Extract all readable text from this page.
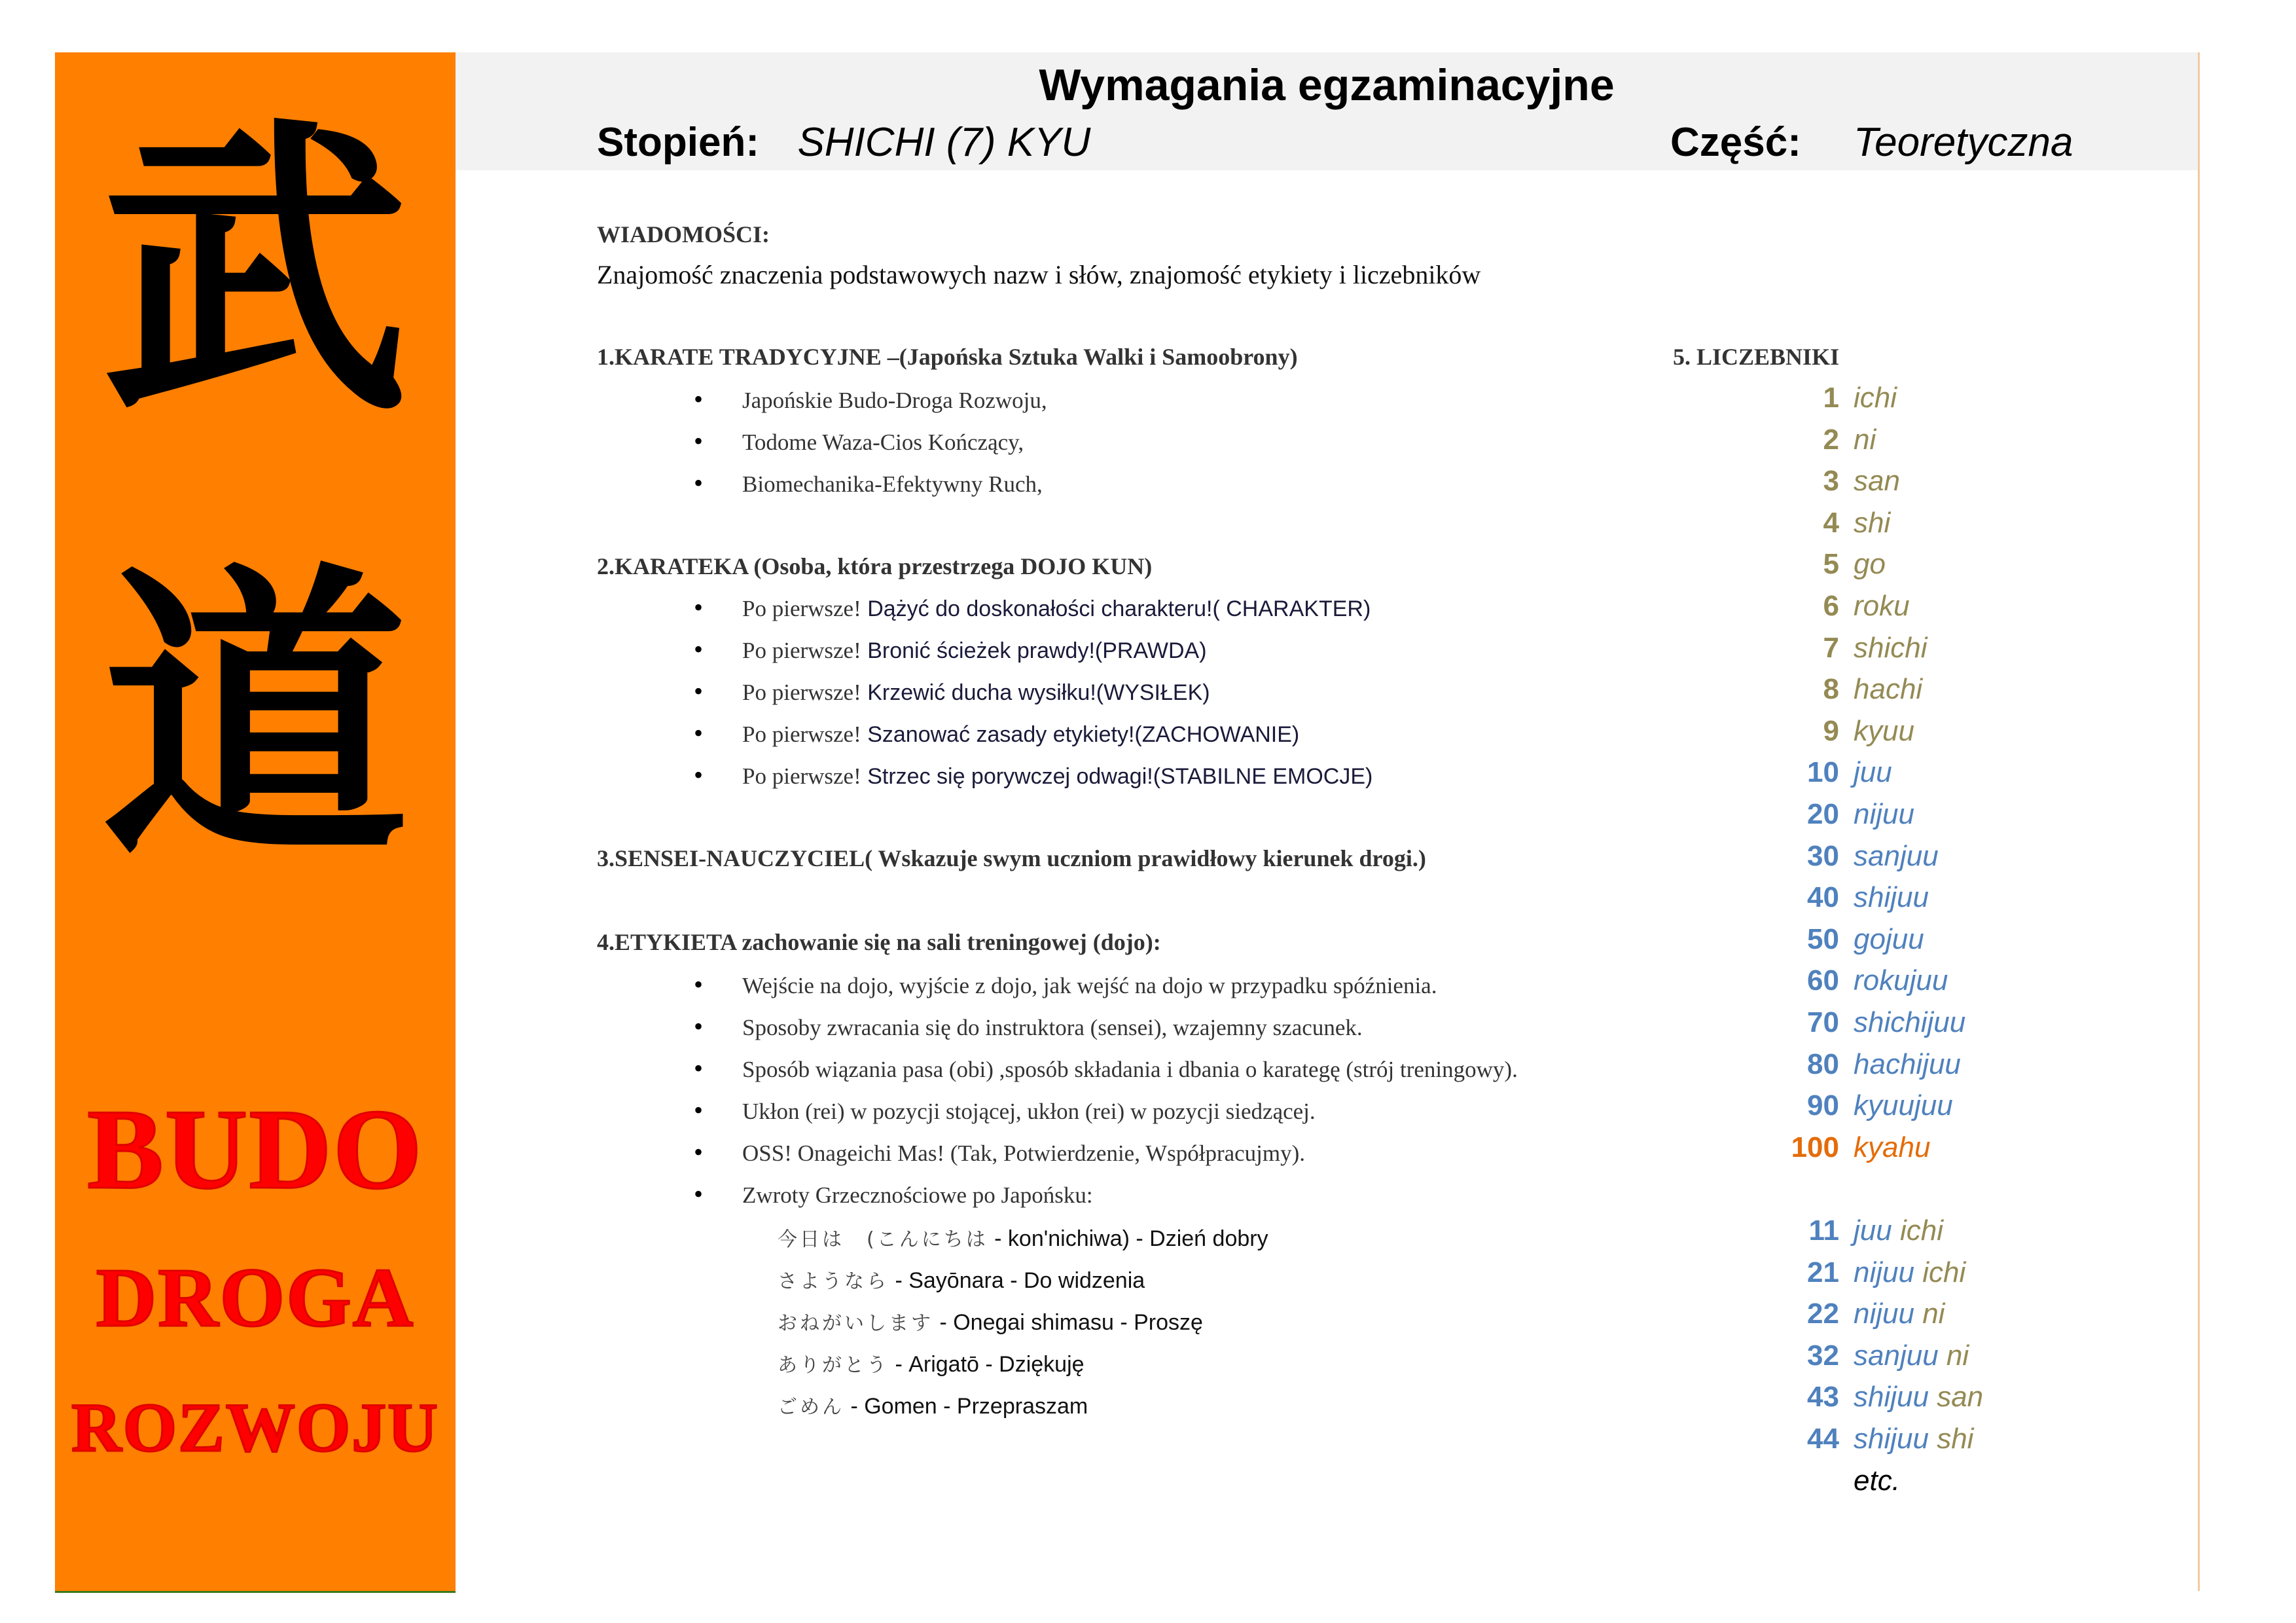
武
道
BUDO
DROGA
ROZWOJU
Wymagania egzaminacyjne
Stopień: SHICHI (7) KYU	Część: Teoretyczna
WIADOMOŚCI:
Znajomość znaczenia podstawowych nazw i słów, znajomość etykiety i liczebników
1.KARATE TRADYCYJNE –(Japońska Sztuka Walki i Samoobrony)
• Japońskie Budo-Droga Rozwoju,
• Todome Waza-Cios Kończący,
• Biomechanika-Efektywny Ruch,
2.KARATEKA (Osoba, która przestrzega DOJO KUN)
• Po pierwsze! Dążyć do doskonałości charakteru!( CHARAKTER)
• Po pierwsze! Bronić ścieżek prawdy!(PRAWDA)
• Po pierwsze! Krzewić ducha wysiłku!(WYSIŁEK)
• Po pierwsze! Szanować zasady etykiety!(ZACHOWANIE)
• Po pierwsze! Strzec się porywczej odwagi!(STABILNE EMOCJE)
3.SENSEI-NAUCZYCIEL( Wskazuje swym uczniom prawidłowy kierunek drogi.)
4.ETYKIETA zachowanie się na sali treningowej (dojo):
• Wejście na dojo, wyjście z dojo, jak wejść na dojo w przypadku spóźnienia.
• Sposoby zwracania się do instruktora (sensei), wzajemny szacunek.
• Sposób wiązania pasa (obi) ,sposób składania i dbania o karategę (strój treningowy).
• Ukłon (rei) w pozycji stojącej, ukłon (rei) w pozycji siedzącej.
• OSS! Onageichi Mas! (Tak, Potwierdzenie, Współpracujmy).
• Zwroty Grzecznościowe po Japońsku:
今日は　(こんにちは - kon'nichiwa) - Dzień dobry
さようなら - Sayōnara - Do widzenia
おねがいします - Onegai shimasu - Proszę
ありがとう - Arigatō - Dziękuję
ごめん - Gomen - Przepraszam
5. LICZEBNIKI
1 ichi
2 ni
3 san
4 shi
5 go
6 roku
7 shichi
8 hachi
9 kyuu
10 juu
20 nijuu
30 sanjuu
40 shijuu
50 gojuu
60 rokujuu
70 shichijuu
80 hachijuu
90 kyuujuu
100 kyahu
11 juu ichi
21 nijuu ichi
22 nijuu ni
32 sanjuu ni
43 shijuu san
44 shijuu shi
etc.
